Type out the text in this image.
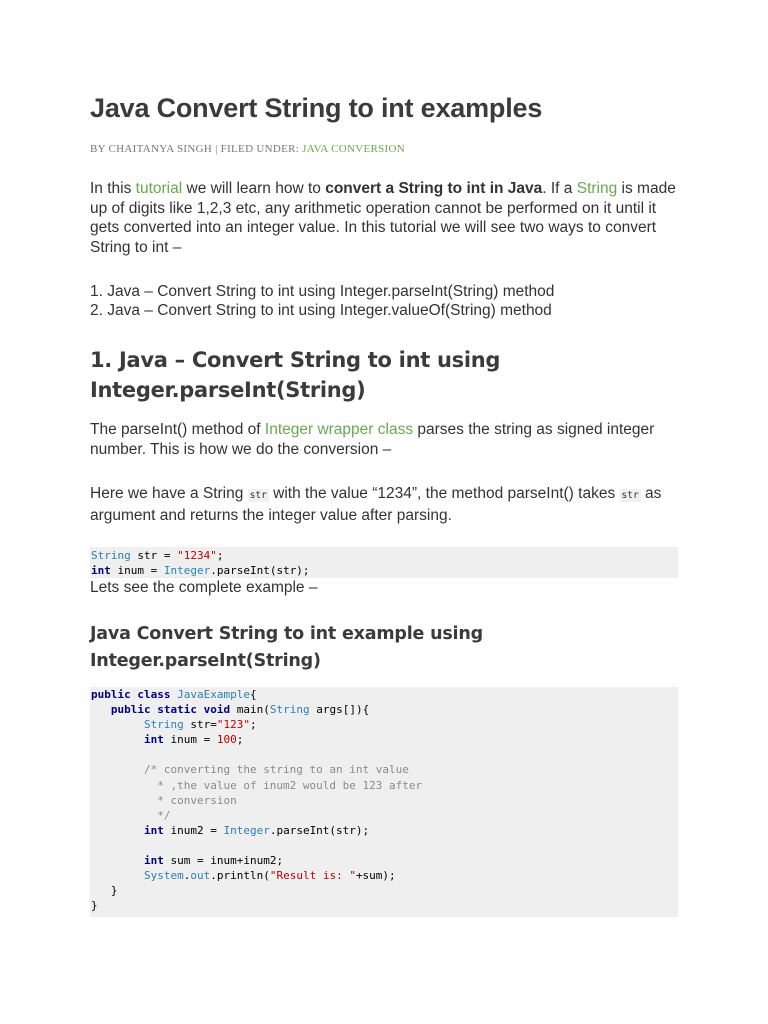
Java Convert String to int examples
BY CHAITANYA SINGH | FILED UNDER: JAVA CONVERSION

In this tutorial we will learn how to convert a String to int in Java. If a String is made up of digits like 1,2,3 etc, any arithmetic operation cannot be performed on it until it gets converted into an integer value. In this tutorial we will see two ways to convert String to int –

1. Java – Convert String to int using Integer.parseInt(String) method

2. Java – Convert String to int using Integer.valueOf(String) method

1. Java – Convert String to int using Integer.parseInt(String)

The parseInt() method of Integer wrapper class parses the string as signed integer number. This is how we do the conversion –

Here we have a String str with the value “1234”, the method parseInt() takes str as argument and returns the integer value after parsing.

String str = "1234";
int inum = Integer.parseInt(str);

Lets see the complete example –

Java Convert String to int example using Integer.parseInt(String)
public class JavaExample{
public static void main(String args[]){
String str="123";
int inum = 100;

/* converting the string to an int value
* ,the value of inum2 would be 123 after
* conversion
*/
int inum2 = Integer.parseInt(str);

int sum = inum+inum2;
System.out.println("Result is: "+sum);
}
}
